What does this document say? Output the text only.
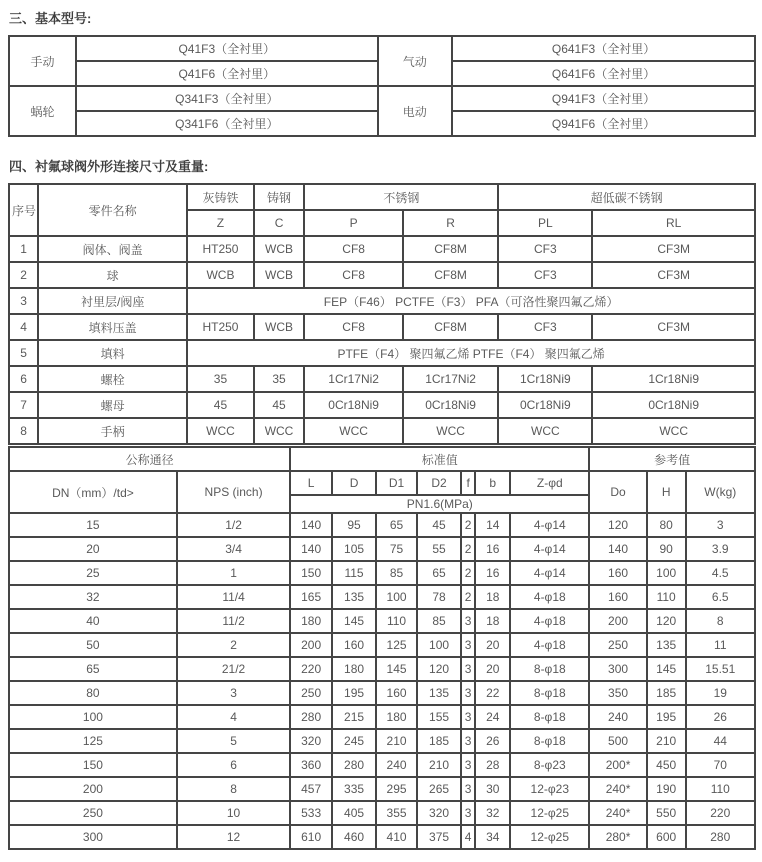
三、基本型号:
手动	Q41F3（全衬里）	气动	Q641F3（全衬里）
	Q41F6（全衬里）		Q641F6（全衬里）
蜗轮	Q341F3（全衬里）	电动	Q941F3（全衬里）
	Q341F6（全衬里）		Q941F6（全衬里）
四、衬氟球阀外形连接尺寸及重量:
序号	零件名称	灰铸铁	铸钢	不锈钢		超低碳不锈钢	
		Z	C	P	R	PL	RL
1	阀体、阀盖	HT250	WCB	CF8	CF8M	CF3	CF3M
2	球	WCB	WCB	CF8	CF8M	CF3	CF3M
3	衬里层/阀座	FEP（F46） PCTFE（F3） PFA（可洛性聚四氟乙烯）					
4	填料压盖	HT250	WCB	CF8	CF8M	CF3	CF3M
5	填料	PTFE（F4） 聚四氟乙烯 PTFE（F4） 聚四氟乙烯					
6	螺栓	35	35	1Cr17Ni2	1Cr17Ni2	1Cr18Ni9	1Cr18Ni9
7	螺母	45	45	0Cr18Ni9	0Cr18Ni9	0Cr18Ni9	0Cr18Ni9
8	手柄	WCC	WCC	WCC	WCC	WCC	WCC
公称通径		标准值							参考值		
DN（mm）/td>	NPS (inch)	L	D	D1	D2	f	b	Z-φd	Do	H	W(kg)
		PN1.6(MPa)									
15	1/2	140	95	65	45	2	14	4-φ14	120	80	3
20	3/4	140	105	75	55	2	16	4-φ14	140	90	3.9
25	1	150	115	85	65	2	16	4-φ14	160	100	4.5
32	11/4	165	135	100	78	2	18	4-φ18	160	110	6.5
40	11/2	180	145	110	85	3	18	4-φ18	200	120	8
50	2	200	160	125	100	3	20	4-φ18	250	135	11
65	21/2	220	180	145	120	3	20	8-φ18	300	145	15.51
80	3	250	195	160	135	3	22	8-φ18	350	185	19
100	4	280	215	180	155	3	24	8-φ18	240	195	26
125	5	320	245	210	185	3	26	8-φ18	500	210	44
150	6	360	280	240	210	3	28	8-φ23	200*	450	70
200	8	457	335	295	265	3	30	12-φ23	240*	190	110
250	10	533	405	355	320	3	32	12-φ25	240*	550	220
300	12	610	460	410	375	4	34	12-φ25	280*	600	280
